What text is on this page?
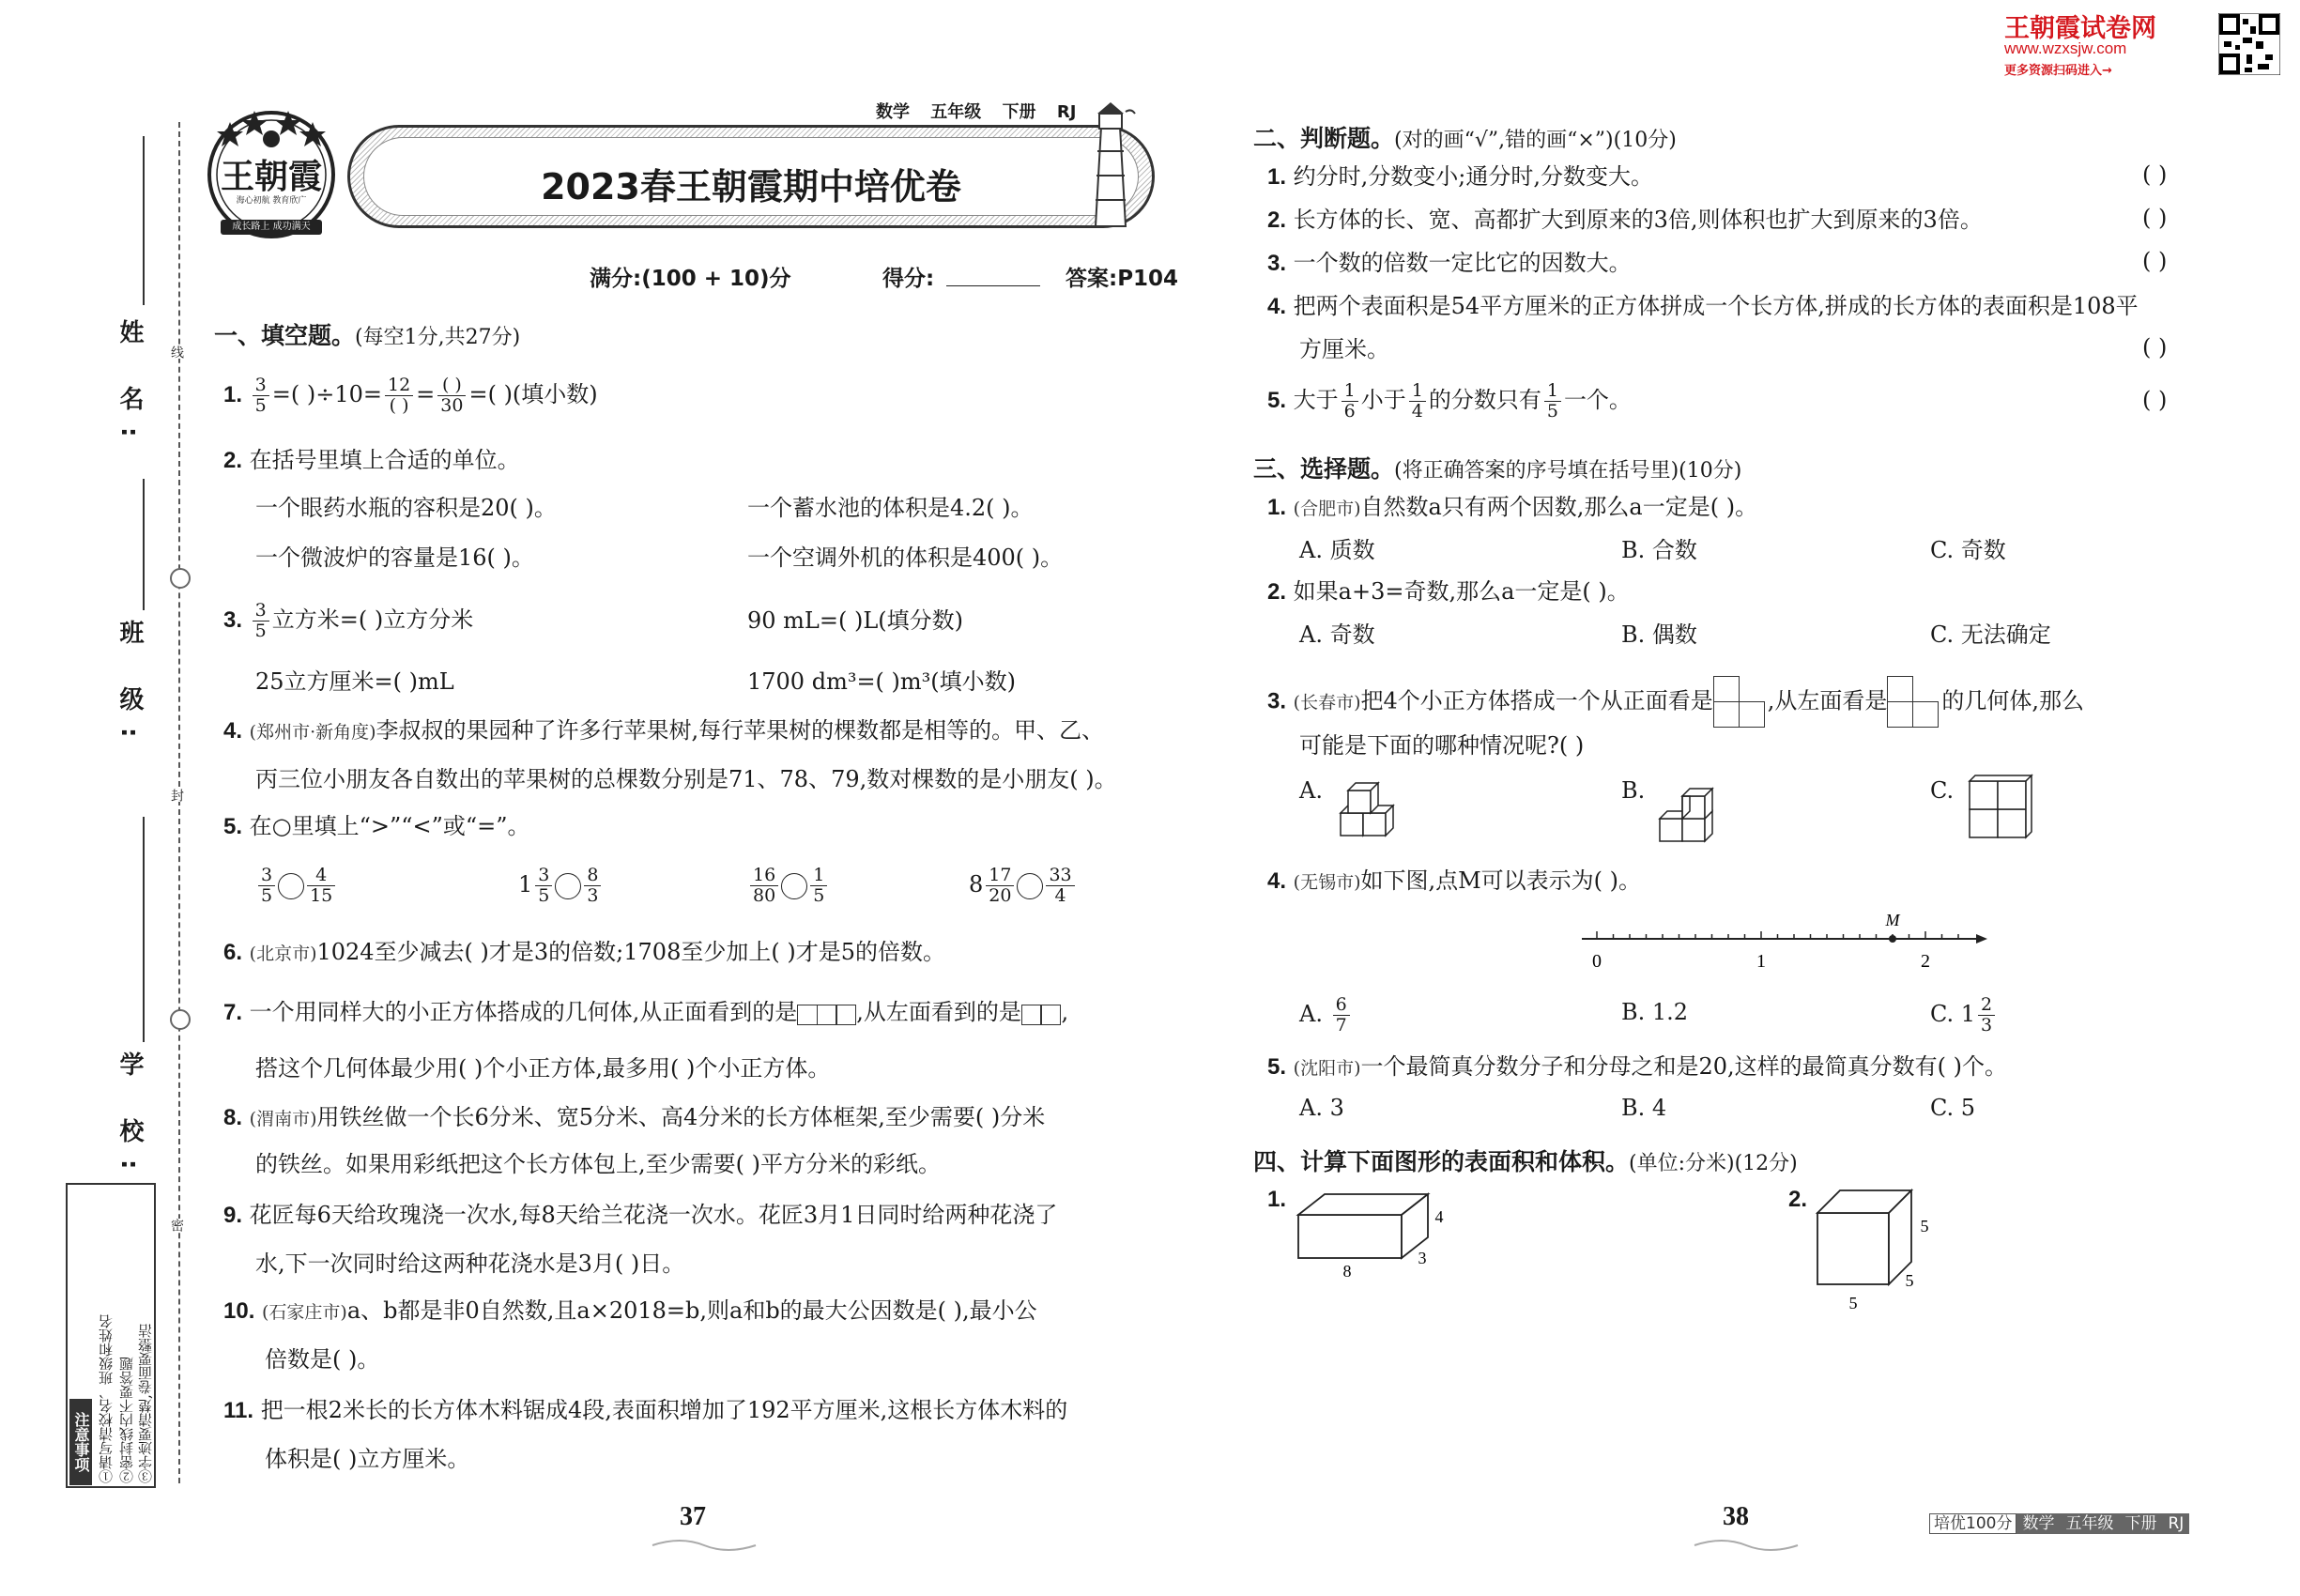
王朝霞试卷网
www.wzxsjw.com
更多资源扫码进入→
姓 名:
班 级:
学 校:
线
封
密
注意事项 ①请写清校名、班级和姓名 ②密封线内不要答题 ③字迹要清楚,卷面要整洁
王朝霞
海心初航 教育欣广
成长路上 成功满天
2023春王朝霞期中培优卷
数学 五年级 下册 RJ
满分:(100 + 10)分	得分:	答案:P104
一、填空题。(每空1分,共27分)
1. $\frac{3}{5}$ =( )$\div 10= \frac{12}{( )} = \frac{( )}{30}$ =( )(填小数)
2. 在括号里填上合适的单位。
一个眼药水瓶的容积是20( )。	一个蓄水池的体积是4.2( )。
一个微波炉的容量是16( )。	一个空调外机的体积是400( )。
3. $\frac{3}{5}$ 立方米=( )立方分米	90 mL=( )L(填分数)
25立方厘米=( )mL	1700 dm³=( )m³(填小数)
4. (郑州市·新角度)李叔叔的果园种了许多行苹果树,每行苹果树的棵数都是相等的。甲、乙、
丙三位小朋友各自数出的苹果树的总棵数分别是71、78、79,数对棵数的是小朋友( )。
5. 在○里填上“>”“<”或“=”。
$\frac{3}{5} \frac{4}{15}$	$1 \frac{3}{5} \frac{8}{3}$	$\frac{16}{80} \frac{1}{5}$	$8 \frac{17}{20} \frac{33}{4}$
6. (北京市)1024至少减去( )才是3的倍数;1708至少加上( )才是5的倍数。
7. 一个用同样大的小正方体搭成的几何体,从正面看到的是	,从左面看到的是 ,
搭这个几何体最少用( )个小正方体,最多用( )个小正方体。
8. (渭南市)用铁丝做一个长6分米、宽5分米、高4分米的长方体框架,至少需要( )分米
的铁丝。如果用彩纸把这个长方体包上,至少需要( )平方分米的彩纸。
9. 花匠每6天给玫瑰浇一次水,每8天给兰花浇一次水。花匠3月1日同时给两种花浇了
水,下一次同时给这两种花浇水是3月( )日。
10. (石家庄市)a、b都是非0自然数,且a×2018=b,则a和b的最大公因数是( ),最小公
倍数是( )。
11. 把一根2米长的长方体木料锯成4段,表面积增加了192平方厘米,这根长方体木料的
体积是( )立方厘米。
37
二、判断题。(对的画“√”,错的画“×”)(10分)
1. 约分时,分数变小;通分时,分数变大。	( )
2. 长方体的长、宽、高都扩大到原来的3倍,则体积也扩大到原来的3倍。	( )
3. 一个数的倍数一定比它的因数大。	( )
4. 把两个表面积是54平方厘米的正方体拼成一个长方体,拼成的长方体的表面积是108平
方厘米。	( )
5. 大于 $\frac{1}{6}$ 小于 $\frac{1}{4}$ 的分数只有 $\frac{1}{5}$ 一个。	( )
三、选择题。(将正确答案的序号填在括号里)(10分)
1. (合肥市)自然数a只有两个因数,那么a一定是( )。
A. 质数	B. 合数	C. 奇数
2. 如果a+3=奇数,那么a一定是( )。
A. 奇数	B. 偶数	C. 无法确定
3. (长春市)把4个小正方体搭成一个从正面看是 ,从左面看是 的几何体,那么
可能是下面的哪种情况呢?( )
A.	B.	C.
4. (无锡市)如下图,点M可以表示为( )。
0	1	2
M
A. $\frac{6}{7}$	B. 1.2	C. $1 \frac{2}{3}$
5. (沈阳市)一个最简真分数分子和分母之和是20,这样的最简真分数有( )个。
A. 3	B. 4	C. 5
四、计算下面图形的表面积和体积。(单位:分米)(12分)
1.
8
3
4
2.
5
5
5
38	培优100分 数学 五年级 下册 RJ
